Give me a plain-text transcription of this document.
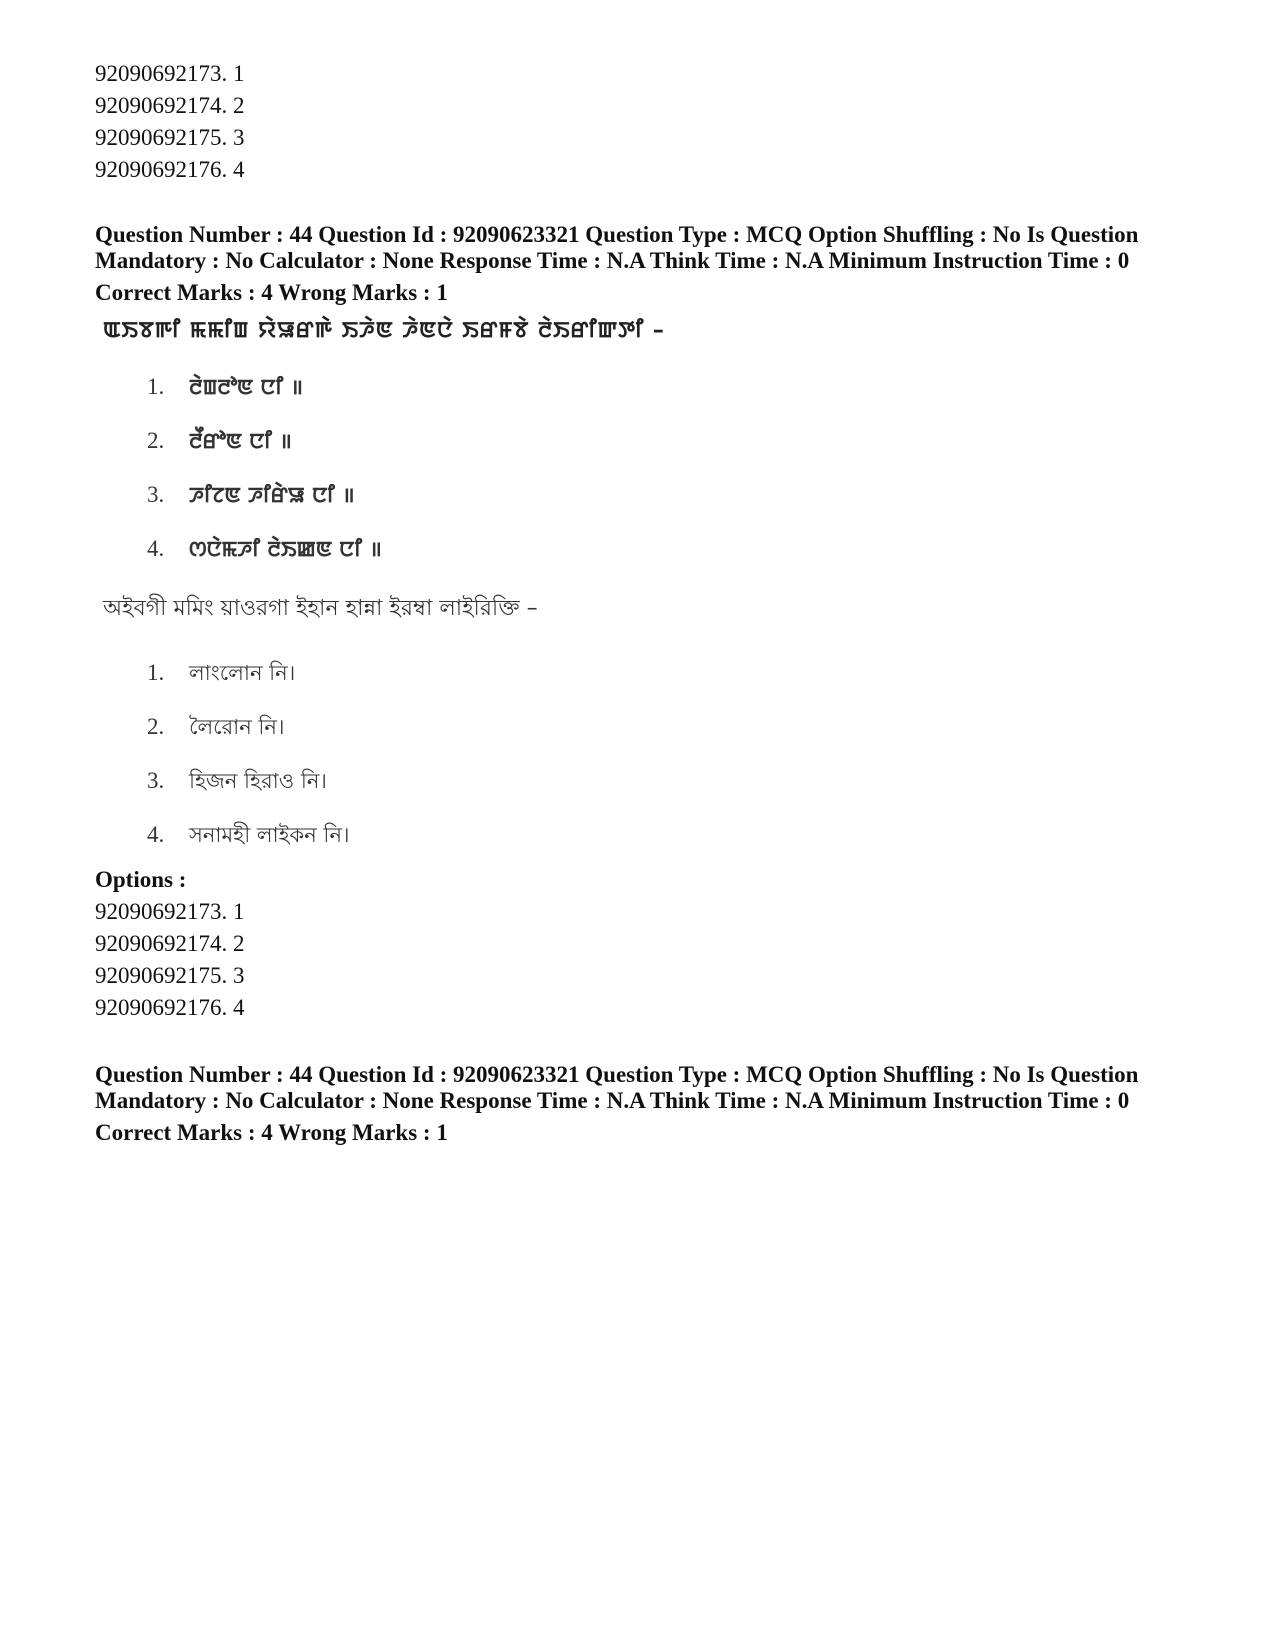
92090692173. 1
92090692174. 2
92090692175. 3
92090692176. 4

Question Number : 44 Question Id : 92090623321 Question Type : MCQ Option Shuffling : No Is Question

Mandatory : No Calculator : None Response Time : N.A Think Time : N.A Minimum Instruction Time : 0

Correct Marks : 4 Wrong Marks : 1
ꯑꯏꯕꯒꯤ ꯃꯃꯤꯡ ꯌꯥꯎꯔꯒꯥ ꯏꯍꯥꯟ ꯍꯥꯟꯅꯥ ꯏꯔꯝꯕꯥ ꯂꯥꯏꯔꯤꯛꯇꯤ –
1.	ꯂꯥꯡꯂꯣꯟ ꯅꯤ ॥
2.	ꯂꯩꯔꯣꯟ ꯅꯤ ॥
3.	ꯍꯤꯖꯟ ꯍꯤꯔꯥꯎ ꯅꯤ ॥
4.	ꯁꯅꯥꯃꯍꯤ ꯂꯥꯏꯀꯟ ꯅꯤ ॥
অইবগী মমিং য়াওরগা ইহান হান্না ইরম্বা লাইরিক্তি –
1.	লাংলোন নি।
2.	লৈরোন নি।
3.	হিজন হিরাও নি।
4.	সনামহী লাইকন নি।
Options :
92090692173. 1
92090692174. 2
92090692175. 3
92090692176. 4

Question Number : 44 Question Id : 92090623321 Question Type : MCQ Option Shuffling : No Is Question

Mandatory : No Calculator : None Response Time : N.A Think Time : N.A Minimum Instruction Time : 0

Correct Marks : 4 Wrong Marks : 1
